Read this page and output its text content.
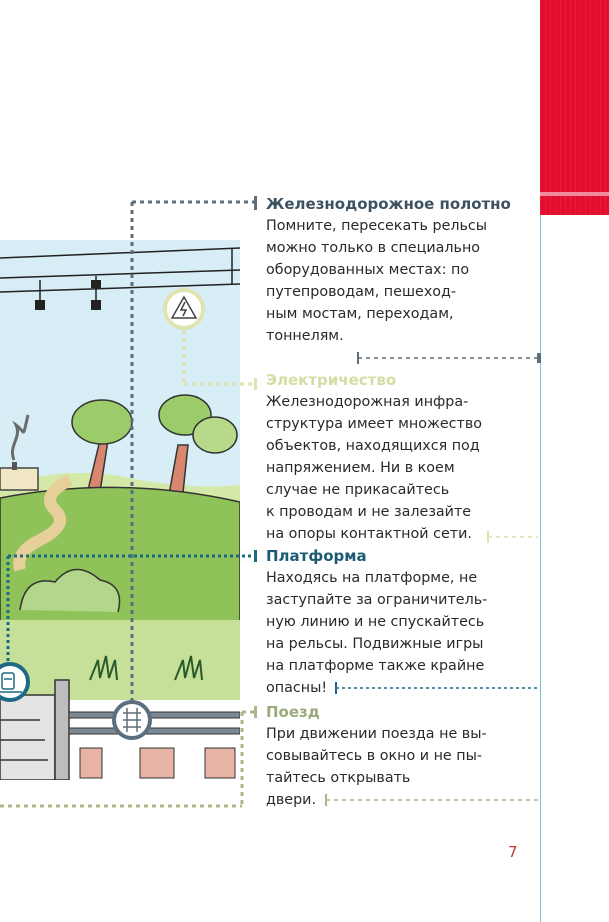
Железнодорожное полотно

Помните, пересекать рельсы
можно только в специально
оборудованных местах: по
путепроводам, пешеход-
ным мостам, переходам,
тоннелям.

Электричество

Железнодорожная инфра-
структура имеет множество
объектов, находящихся под
напряжением. Ни в коем
случае не прикасайтесь
к проводам и не залезайте
на опоры контактной сети.

Платформа

Находясь на платформе, не
заступайте за ограничитель-
ную линию и не спускайтесь
на рельсы. Подвижные игры
на платформе также крайне
опасны!

Поезд

При движении поезда не вы-
совывайтесь в окно и не пы-
тайтесь открывать
двери.

7
